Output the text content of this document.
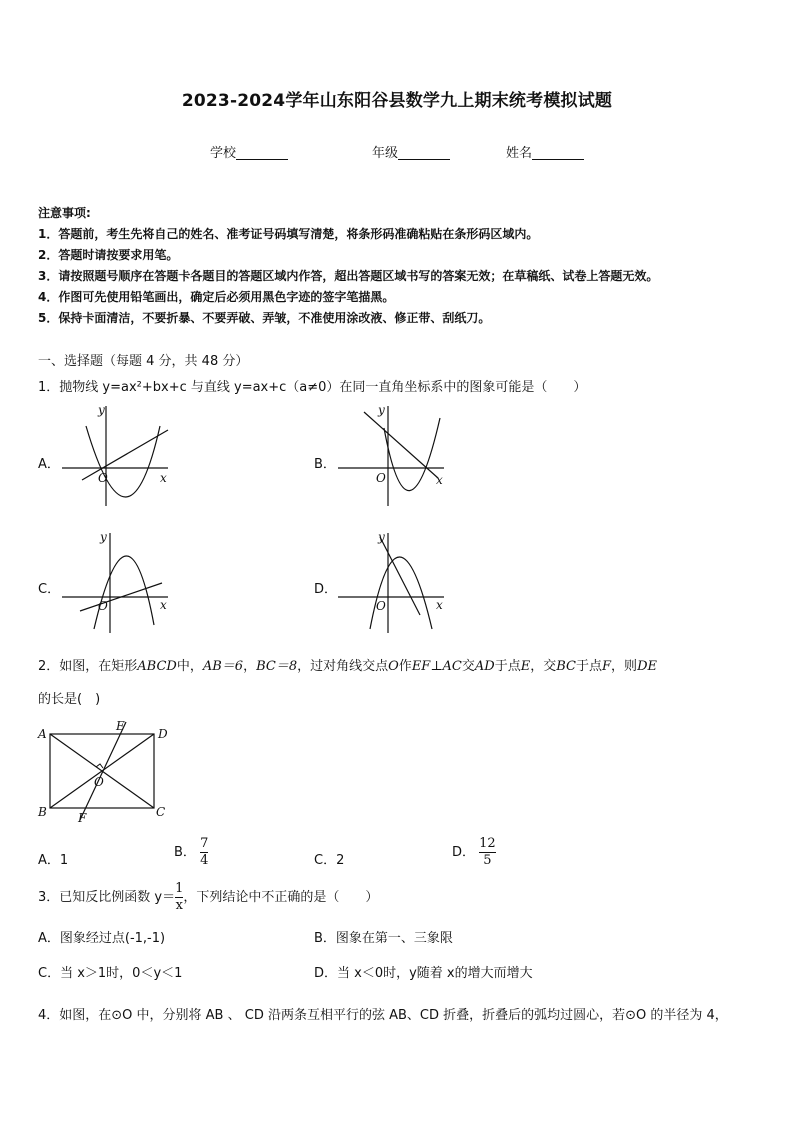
2023-2024学年山东阳谷县数学九上期末统考模拟试题
学校	年级	姓名
注意事项:
1．答题前，考生先将自己的姓名、准考证号码填写清楚，将条形码准确粘贴在条形码区域内。
2．答题时请按要求用笔。
3．请按照题号顺序在答题卡各题目的答题区域内作答，超出答题区域书写的答案无效；在草稿纸、试卷上答题无效。
4．作图可先使用铅笔画出，确定后必须用黑色字迹的签字笔描黑。
5．保持卡面清洁，不要折暴、不要弄破、弄皱，不准使用涂改液、修正带、刮纸刀。
一、选择题（每题 4 分，共 48 分）
1．抛物线 y=ax²+bx+c 与直线 y=ax+c（a≠0）在同一直角坐标系中的图象可能是（　　）
A．
x
y
O
B．
x
y
O
C．
x
y
O
D．
x
y
O
2．如图，在矩形ABCD中，AB＝6，BC＝8，过对角线交点O作EF⊥AC交AD于点E，交BC于点F，则DE
的长是(　)
A	D
B	C
E
F
O
A．1
B． $\frac{7}{4}$	C．2
D． $\frac{12}{5}$
3．已知反比例函数 $y= \frac{1}{x}$ ，下列结论中不正确的是（　　）
A．图象经过点(-1,-1)	B．图象在第一、三象限
C．当 x＞1时，0＜y＜1	D．当 x＜0时，y随着 x的增大而增大
4．如图，在⊙O 中，分别将 AB 、 CD 沿两条互相平行的弦 AB、CD 折叠，折叠后的弧均过圆心，若⊙O 的半径为 4，
